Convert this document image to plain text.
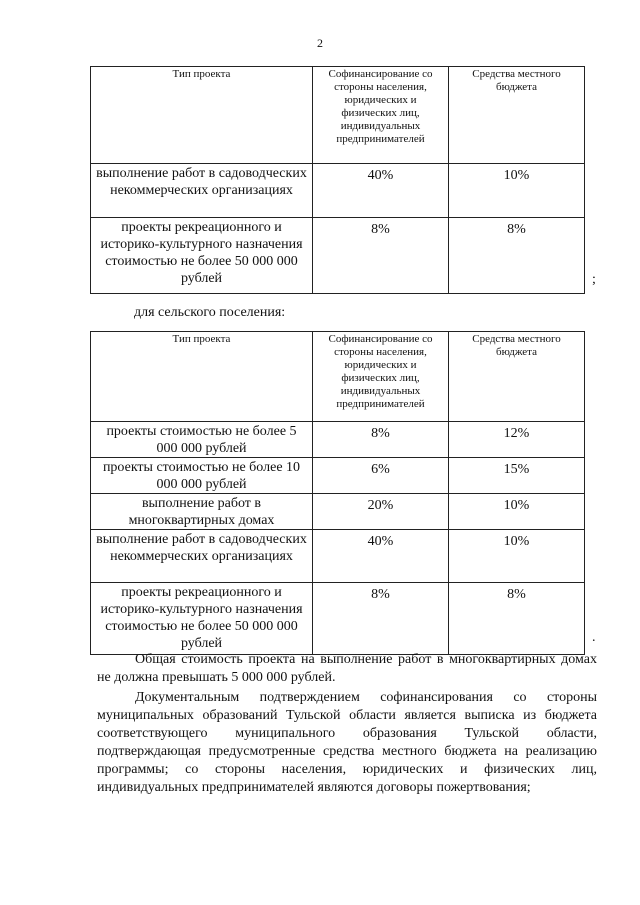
2
Тип проекта	Софинансирование со стороны населения, юридических и физических лиц, индивидуальных предпринимателей	Средства местного бюджета
выполнение работ в садоводческих некоммерческих организациях	40%	10%
проекты рекреационного и историко-культурного назначения стоимостью не более 50 000 000 рублей	8%	8%
;
для сельского поселения:
Тип проекта	Софинансирование со стороны населения, юридических и физических лиц, индивидуальных предпринимателей	Средства местного бюджета
проекты стоимостью не более 5 000 000 рублей	8%	12%
проекты стоимостью не более 10 000 000 рублей	6%	15%
выполнение работ в многоквартирных домах	20%	10%
выполнение работ в садоводческих некоммерческих организациях	40%	10%
проекты рекреационного и историко-культурного назначения стоимостью не более 50 000 000 рублей	8%	8%
.

Общая стоимость проекта на выполнение работ в многоквартирных домах не должна превышать 5 000 000 рублей.

Документальным подтверждением софинансирования со стороны муниципальных образований Тульской области является выписка из бюджета соответствующего муниципального образования Тульской области, подтверждающая предусмотренные средства местного бюджета на реализацию программы; со стороны населения, юридических и физических лиц, индивидуальных предпринимателей являются договоры пожертвования;
